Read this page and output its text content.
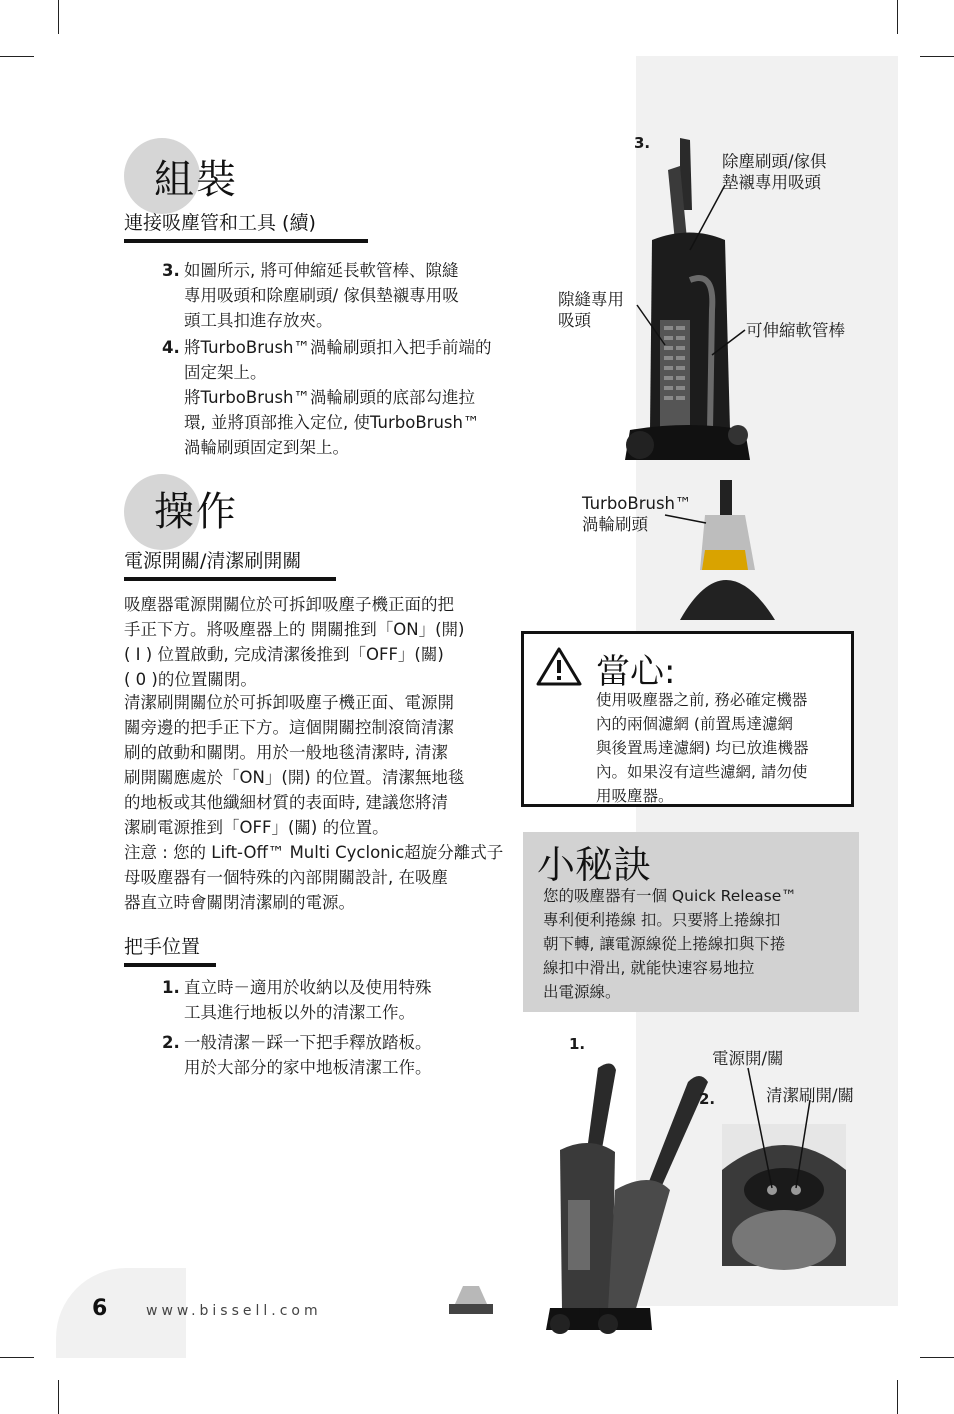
組裝
連接吸塵管和工具 (續)
3. 如圖所示, 將可伸縮延長軟管棒、隙縫
專用吸頭和除塵刷頭/ 傢俱墊襯專用吸
頭工具扣進存放夾。
4. 將TurboBrush™渦輪刷頭扣入把手前端的
固定架上。
將TurboBrush™渦輪刷頭的底部勾進拉
環, 並將頂部推入定位, 使TurboBrush™
渦輪刷頭固定到架上。
操作
電源開關/清潔刷開關
吸塵器電源開關位於可拆卸吸塵子機正面的把
手正下方。將吸塵器上的 開關推到「ON」(開)
( I ) 位置啟動, 完成清潔後推到「OFF」(關)
( 0 )的位置關閉。
清潔刷開關位於可拆卸吸塵子機正面、電源開
關旁邊的把手正下方。這個開關控制滾筒清潔
刷的啟動和關閉。用於一般地毯清潔時, 清潔
刷開關應處於「ON」(開) 的位置。清潔無地毯
的地板或其他纖細材質的表面時, 建議您將清
潔刷電源推到「OFF」(關) 的位置。
注意 : 您的 Lift-Off™ Multi Cyclonic超旋分離式子
母吸塵器有一個特殊的內部開關設計, 在吸塵
器直立時會關閉清潔刷的電源。
把手位置
1. 直立時－適用於收納以及使用特殊
工具進行地板以外的清潔工作。
2. 一般清潔－踩一下把手釋放踏板。
用於大部分的家中地板清潔工作。
3.
除塵刷頭/傢俱
墊襯專用吸頭
隙縫專用
吸頭
可伸縮軟管棒
TurboBrush™
渦輪刷頭
當心:
使用吸塵器之前, 務必確定機器
內的兩個濾網 (前置馬達濾網
與後置馬達濾網) 均已放進機器
內。如果沒有這些濾網, 請勿使
用吸塵器。
小秘訣
您的吸塵器有一個 Quick Release™
專利便利捲線 扣。只要將上捲線扣
朝下轉, 讓電源線從上捲線扣與下捲
線扣中滑出, 就能快速容易地拉
出電源線。
1.
2.
電源開/關
清潔刷開/關
6	www.bissell.com
